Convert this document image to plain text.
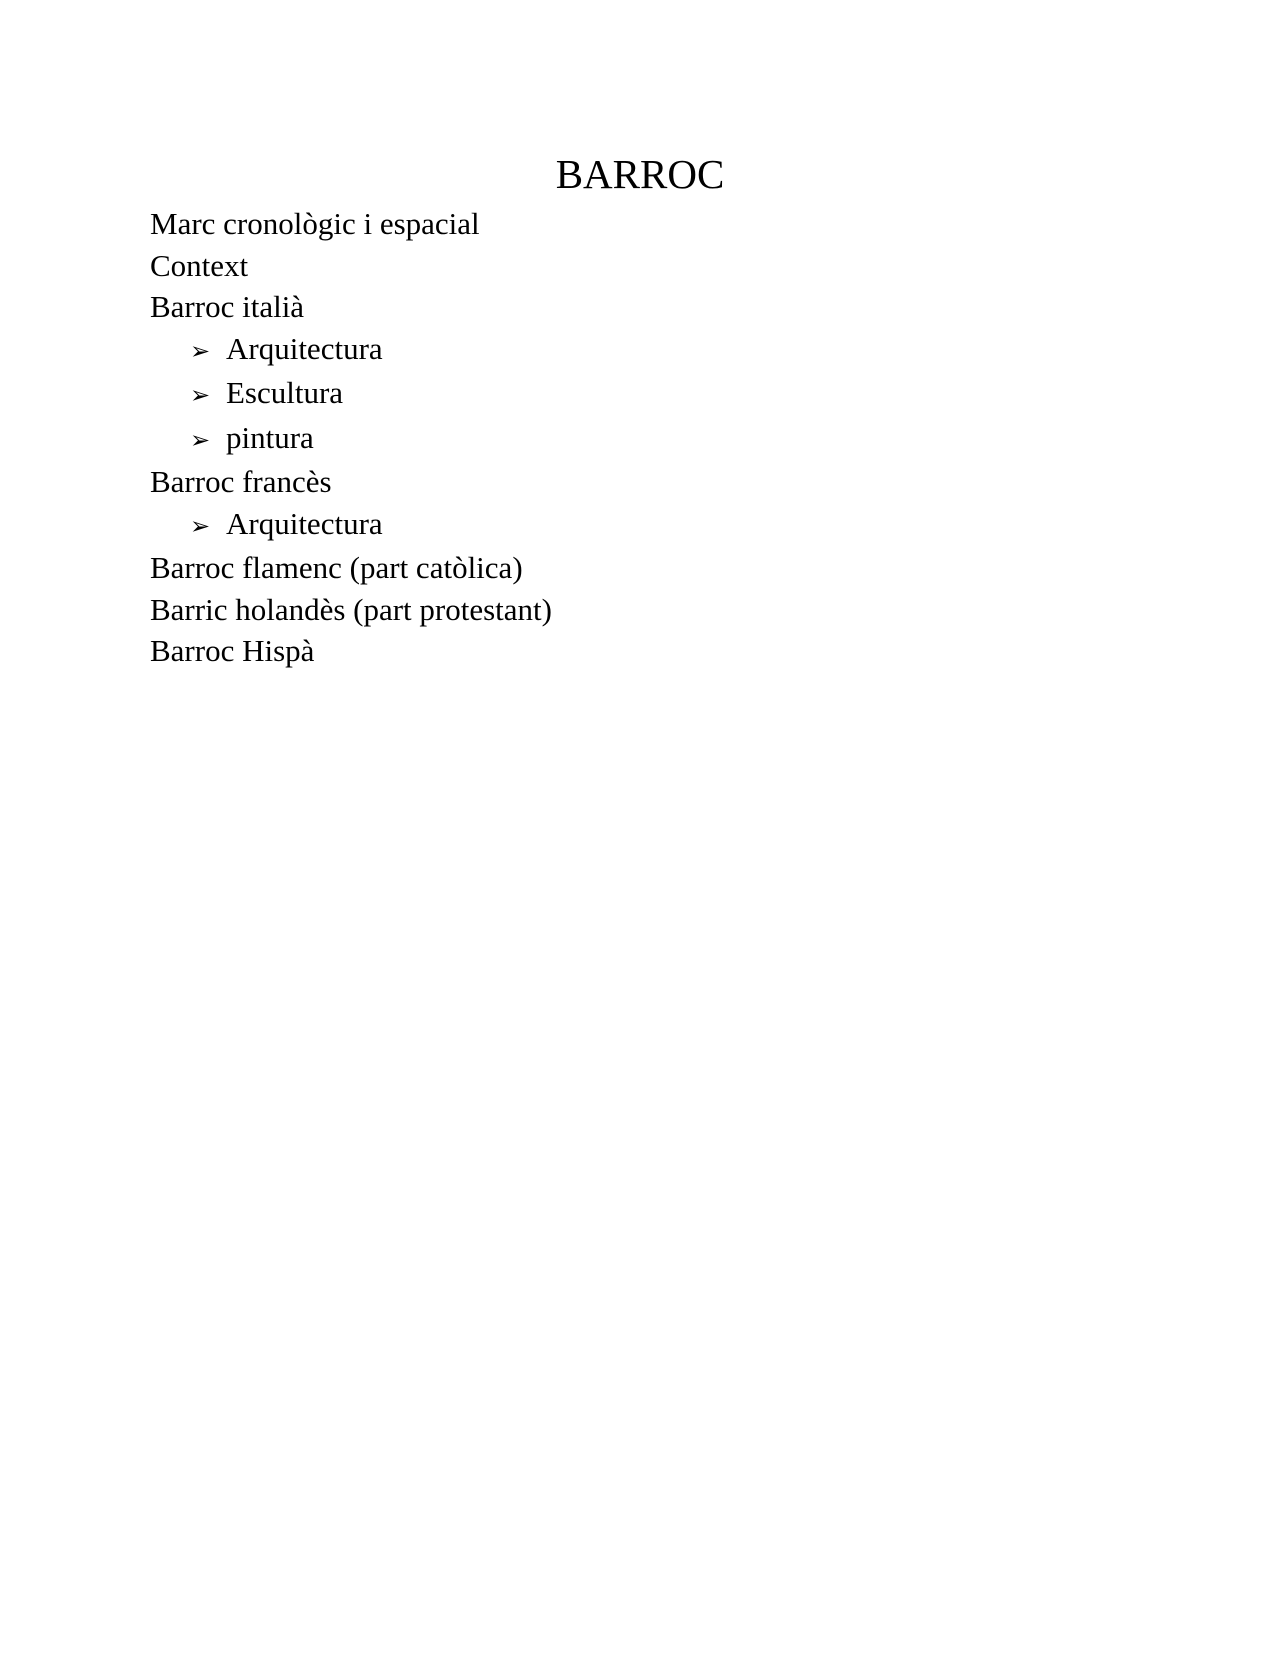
BARROC
Marc cronològic i espacial
Context
Barroc italià
➢ Arquitectura
➢ Escultura
➢ pintura
Barroc francès
➢ Arquitectura
Barroc flamenc (part catòlica)
Barric holandès (part protestant)
Barroc Hispà
